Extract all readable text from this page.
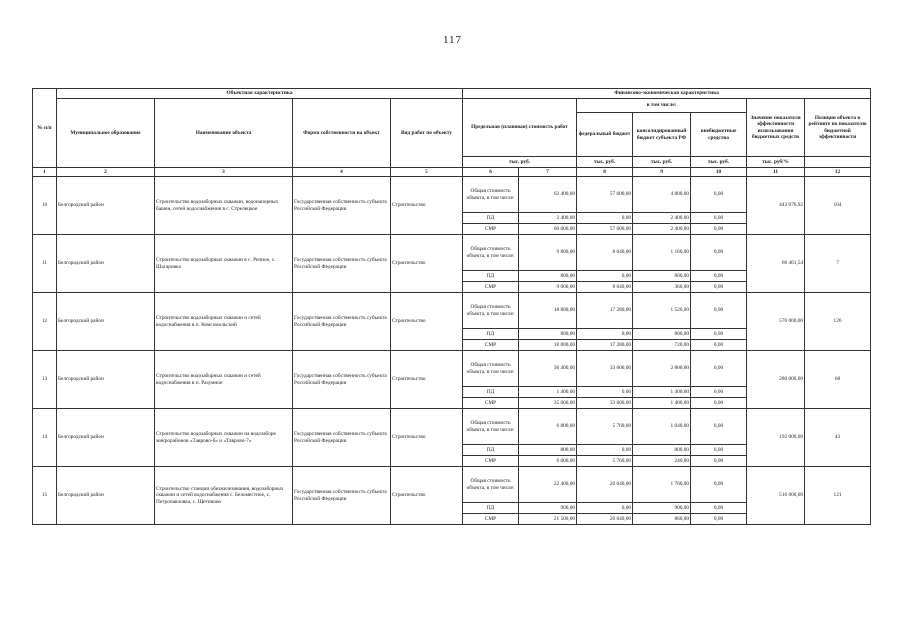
117
№ п/п	Объектная характеристика				Финансово-экономическая характеристика						
	Муниципальное образование	Наименование объекта	Форма собственности на объект	Вид работ по объекту	Предельная (плановая) стоимость работ		в том числе:			Значение показателя эффективности использования бюджетных средств	Позиция объекта в рейтинге по показателю бюджетной эффективности
							федеральный бюджет	консолидированный бюджет субъекта РФ	внебюджетные средства		
					тыс. руб.		тыс. руб.	тыс. руб.	тыс. руб.	тыс. руб/%	
1	2	3	4	5	6	7	8	9	10	11	12
10	Белгородский район	Строительство водозаборных скважин, водонапорных башен, сетей водоснабжения в с. Стрелецкое	Государственная собственность субъекта Российской Федерации	Строительство	Общая стоимость объекта, в том числе:	62 400,00	57 600,00	4 800,00	0,00	443 076,92	104
					ПД	2 400,00	0,00	2 400,00	0,00		
					СМР	60 000,00	57 600,00	2 400,00	0,00		
11	Белгородский район	Строительство водозаборных скважин в с. Репное, с. Шагаровка	Государственная собственность субъекта Российской Федерации	Строительство	Общая стоимость объекта, в том числе:	9 800,00	8 640,00	1 160,00	0,00	66 461,54	7
					ПД	800,00	0,00	800,00	0,00		
					СМР	9 000,00	8 640,00	360,00	0,00		
12	Белгородский район	Строительство водозаборных скважин и сетей водоснабжения в п. Комсомольский	Государственная собственность субъекта Российской Федерации	Строительство	Общая стоимость объекта, в том числе:	18 800,00	17 280,00	1 520,00	0,00	576 000,00	126
					ПД	800,00	0,00	800,00	0,00		
					СМР	18 000,00	17 280,00	720,00	0,00		
13	Белгородский район	Строительство водозаборных скважин и сетей водоснабжения в п. Разумное	Государственная собственность субъекта Российской Федерации	Строительство	Общая стоимость объекта, в том числе:	36 400,00	33 600,00	2 800,00	0,00	280 000,00	68
					ПД	1 400,00	0,00	1 400,00	0,00		
					СМР	35 000,00	33 600,00	1 400,00	0,00		
14	Белгородский район	Строительство водозаборных скважин на водозаборе микрорайонов «Таврово-6» и «Таврово-7»	Государственная собственность субъекта Российской Федерации	Строительство	Общая стоимость объекта, в том числе:	6 800,00	5 760,00	1 040,00	0,00	192 000,00	43
					ПД	800,00	0,00	800,00	0,00		
					СМР	6 000,00	5 760,00	240,00	0,00		
15	Белгородский район	Строительство станции обезжелезивания, водозаборных скважин и сетей водоснабжения с. Беломестное, с. Петропавловка, с. Щетиново	Государственная собственность субъекта Российской Федерации	Строительство	Общая стоимость объекта, в том числе:	22 400,00	20 640,00	1 760,00	0,00	516 000,00	121
					ПД	900,00	0,00	900,00	0,00		
					СМР	21 500,00	20 640,00	860,00	0,00		
